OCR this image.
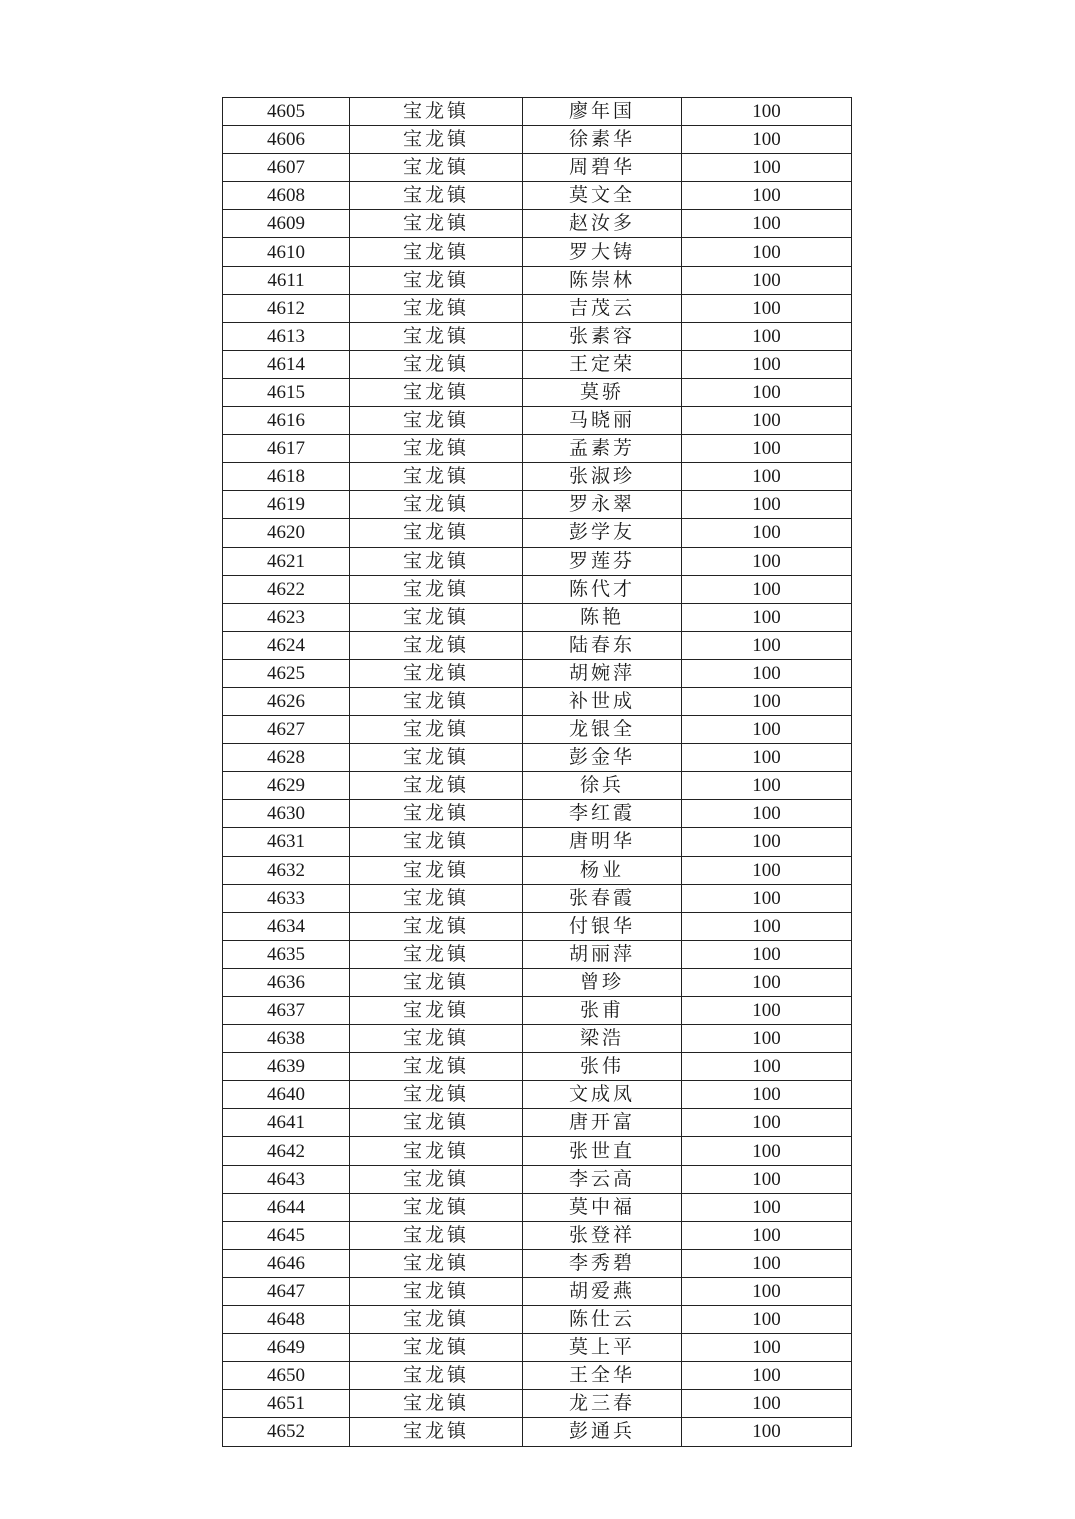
4605	宝龙镇	廖年国	100
4606	宝龙镇	徐素华	100
4607	宝龙镇	周碧华	100
4608	宝龙镇	莫文全	100
4609	宝龙镇	赵汝多	100
4610	宝龙镇	罗大铸	100
4611	宝龙镇	陈崇林	100
4612	宝龙镇	吉茂云	100
4613	宝龙镇	张素容	100
4614	宝龙镇	王定荣	100
4615	宝龙镇	莫骄	100
4616	宝龙镇	马晓丽	100
4617	宝龙镇	孟素芳	100
4618	宝龙镇	张淑珍	100
4619	宝龙镇	罗永翠	100
4620	宝龙镇	彭学友	100
4621	宝龙镇	罗莲芬	100
4622	宝龙镇	陈代才	100
4623	宝龙镇	陈艳	100
4624	宝龙镇	陆春东	100
4625	宝龙镇	胡婉萍	100
4626	宝龙镇	补世成	100
4627	宝龙镇	龙银全	100
4628	宝龙镇	彭金华	100
4629	宝龙镇	徐兵	100
4630	宝龙镇	李红霞	100
4631	宝龙镇	唐明华	100
4632	宝龙镇	杨业	100
4633	宝龙镇	张春霞	100
4634	宝龙镇	付银华	100
4635	宝龙镇	胡丽萍	100
4636	宝龙镇	曾珍	100
4637	宝龙镇	张甫	100
4638	宝龙镇	梁浩	100
4639	宝龙镇	张伟	100
4640	宝龙镇	文成凤	100
4641	宝龙镇	唐开富	100
4642	宝龙镇	张世直	100
4643	宝龙镇	李云高	100
4644	宝龙镇	莫中福	100
4645	宝龙镇	张登祥	100
4646	宝龙镇	李秀碧	100
4647	宝龙镇	胡爱燕	100
4648	宝龙镇	陈仕云	100
4649	宝龙镇	莫上平	100
4650	宝龙镇	王全华	100
4651	宝龙镇	龙三春	100
4652	宝龙镇	彭通兵	100
